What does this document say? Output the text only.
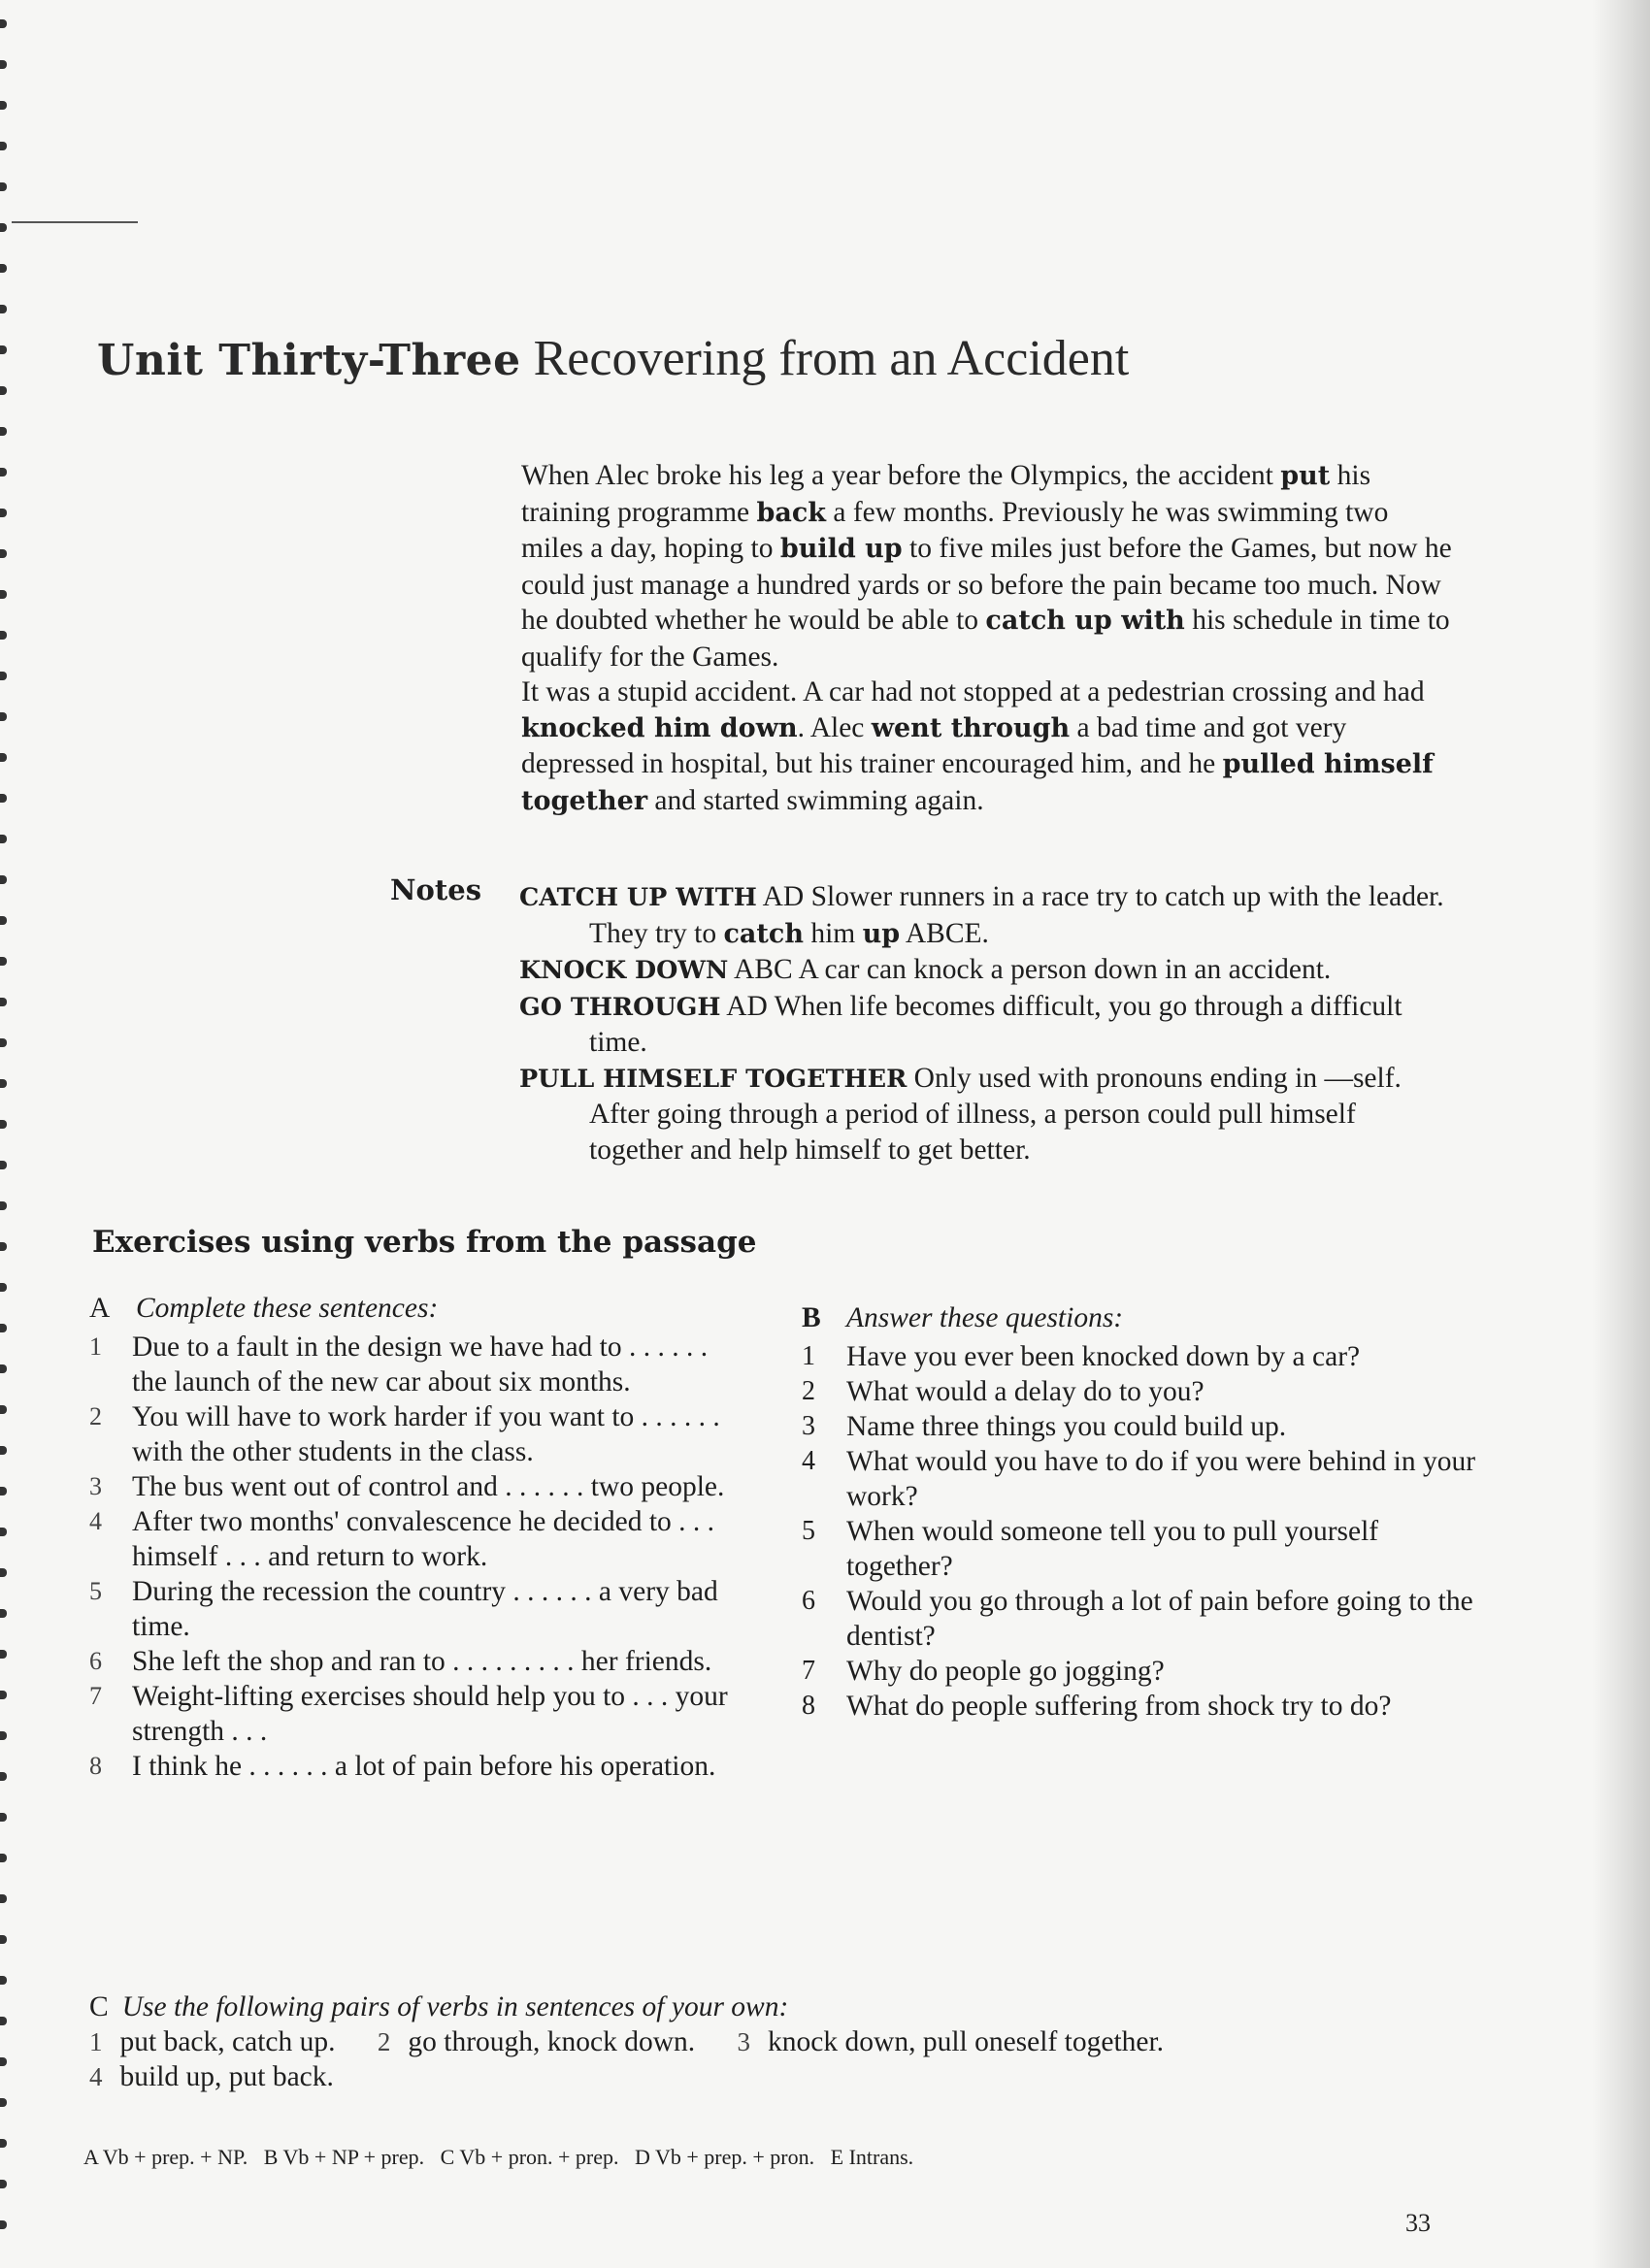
Unit Thirty-Three Recovering from an Accident

When Alec broke his leg a year before the Olympics, the accident put his training programme back a few months. Previously he was swimming two miles a day, hoping to build up to five miles just before the Games, but now he could just manage a hundred yards or so before the pain became too much. Now he doubted whether he would be able to catch up with his schedule in time to qualify for the Games.

It was a stupid accident. A car had not stopped at a pedestrian crossing and had knocked him down. Alec went through a bad time and got very depressed in hospital, but his trainer encouraged him, and he pulled himself together and started swimming again.

Notes CATCH UP WITH AD Slower runners in a race try to catch up with the leader. They try to catch him up ABCE.

KNOCK DOWN ABC A car can knock a person down in an accident.

GO THROUGH AD When life becomes difficult, you go through a difficult time.

PULL HIMSELF TOGETHER Only used with pronouns ending in —self. After going through a period of illness, a person could pull himself together and help himself to get better.

Exercises using verbs from the passage
A Complete these sentences:
1 Due to a fault in the design we have had to . . . . . . the launch of the new car about six months.
2 You will have to work harder if you want to . . . . . . with the other students in the class.
3 The bus went out of control and . . . . . . two people.
4 After two months' convalescence he decided to . . . himself . . . and return to work.
5 During the recession the country . . . . . . a very bad time.
6 She left the shop and ran to . . . . . . . . . her friends.
7 Weight-lifting exercises should help you to . . . your strength . . .
8 I think he . . . . . . a lot of pain before his operation.
B Answer these questions:
1 Have you ever been knocked down by a car?
2 What would a delay do to you?
3 Name three things you could build up.
4 What would you have to do if you were behind in your work?
5 When would someone tell you to pull yourself together?
6 Would you go through a lot of pain before going to the dentist?
7 Why do people go jogging?
8 What do people suffering from shock try to do?
C Use the following pairs of verbs in sentences of your own:
1 put back, catch up. 2 go through, knock down. 3 knock down, pull oneself together.
4 build up, put back.
A Vb + prep. + NP.   B Vb + NP + prep.   C Vb + pron. + prep.   D Vb + prep. + pron.   E Intrans.
33
